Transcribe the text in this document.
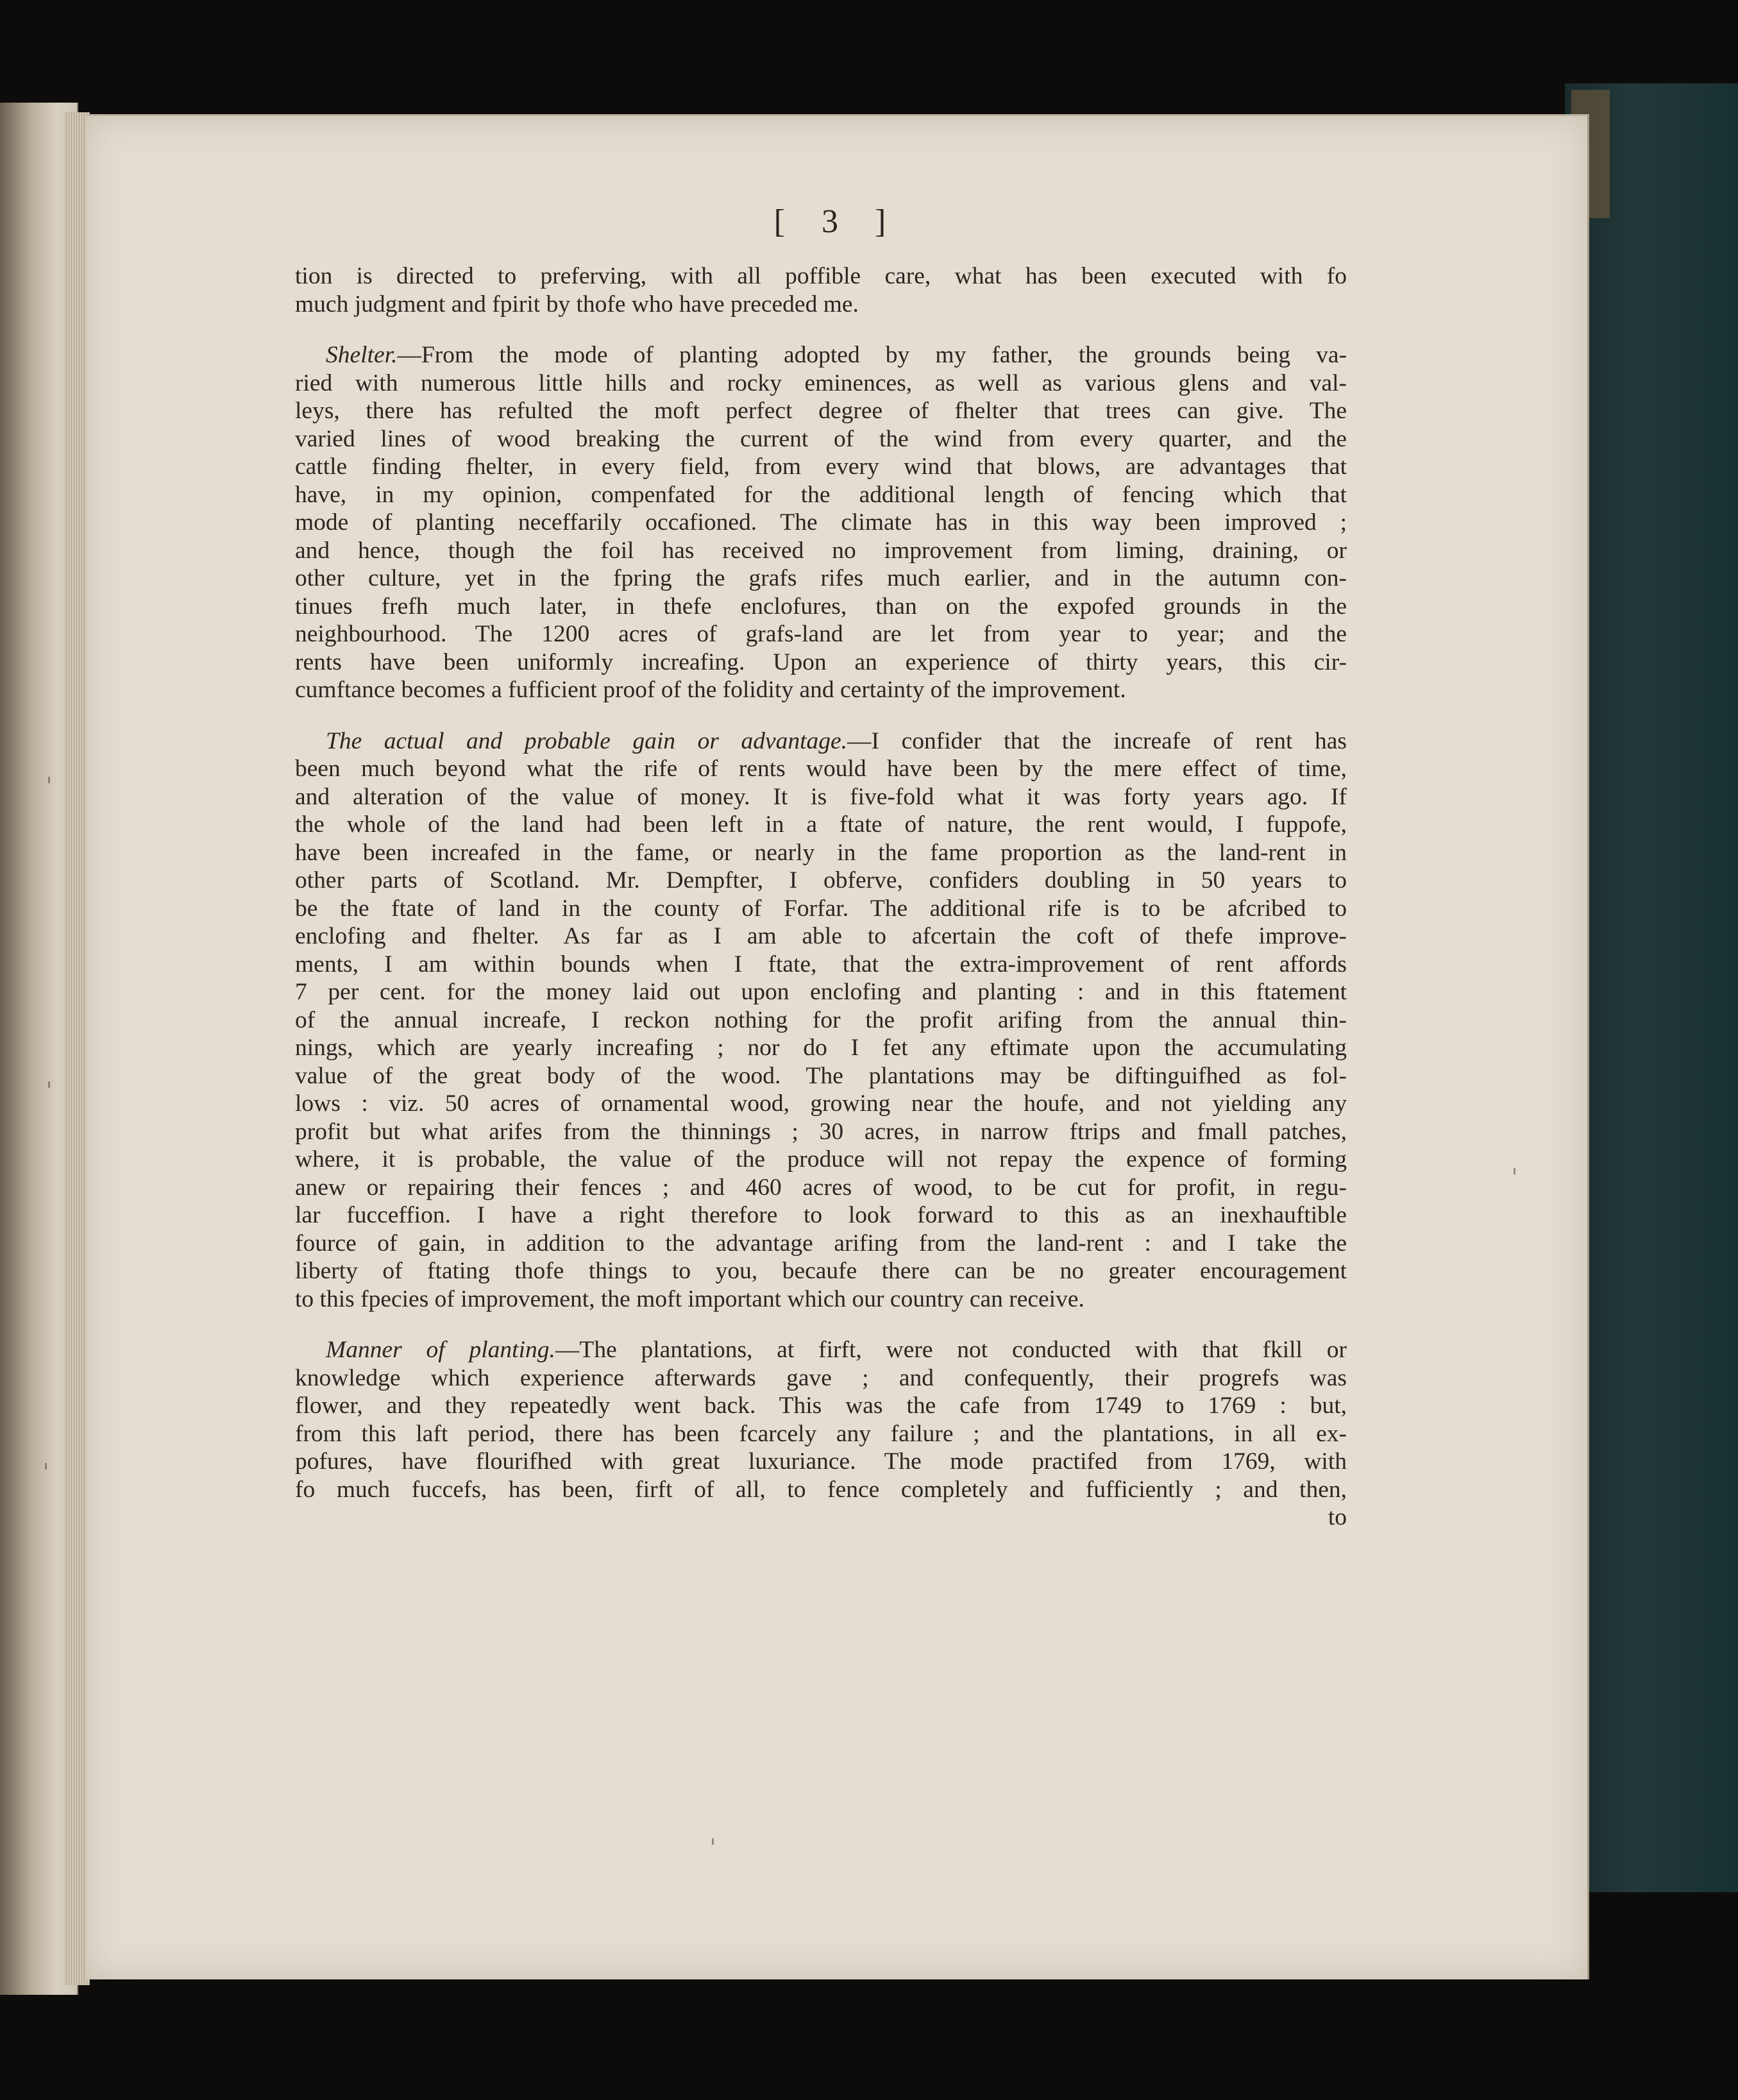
[ 3 ]

tion is directed to preferving, with all poffible care, what has been executed with fo
much judgment and fpirit by thofe who have preceded me.

Shelter.—From the mode of planting adopted by my father, the grounds being va-
ried with numerous little hills and rocky eminences, as well as various glens and val-
leys, there has refulted the moft perfect degree of fhelter that trees can give. The
varied lines of wood breaking the current of the wind from every quarter, and the
cattle finding fhelter, in every field, from every wind that blows, are advantages that
have, in my opinion, compenfated for the additional length of fencing which that
mode of planting neceffarily occafioned. The climate has in this way been improved ;
and hence, though the foil has received no improvement from liming, draining, or
other culture, yet in the fpring the grafs rifes much earlier, and in the autumn con-
tinues frefh much later, in thefe enclofures, than on the expofed grounds in the
neighbourhood. The 1200 acres of grafs-land are let from year to year; and the
rents have been uniformly increafing. Upon an experience of thirty years, this cir-
cumftance becomes a fufficient proof of the folidity and certainty of the improvement.

The actual and probable gain or advantage.—I confider that the increafe of rent has
been much beyond what the rife of rents would have been by the mere effect of time,
and alteration of the value of money. It is five-fold what it was forty years ago. If
the whole of the land had been left in a ftate of nature, the rent would, I fuppofe,
have been increafed in the fame, or nearly in the fame proportion as the land-rent in
other parts of Scotland. Mr. Dempfter, I obferve, confiders doubling in 50 years to
be the ftate of land in the county of Forfar. The additional rife is to be afcribed to
enclofing and fhelter. As far as I am able to afcertain the coft of thefe improve-
ments, I am within bounds when I ftate, that the extra-improvement of rent affords
7 per cent. for the money laid out upon enclofing and planting : and in this ftatement
of the annual increafe, I reckon nothing for the profit arifing from the annual thin-
nings, which are yearly increafing ; nor do I fet any eftimate upon the accumulating
value of the great body of the wood. The plantations may be diftinguifhed as fol-
lows : viz. 50 acres of ornamental wood, growing near the houfe, and not yielding any
profit but what arifes from the thinnings ; 30 acres, in narrow ftrips and fmall patches,
where, it is probable, the value of the produce will not repay the expence of forming
anew or repairing their fences ; and 460 acres of wood, to be cut for profit, in regu-
lar fucceffion. I have a right therefore to look forward to this as an inexhauftible
fource of gain, in addition to the advantage arifing from the land-rent : and I take the
liberty of ftating thofe things to you, becaufe there can be no greater encouragement
to this fpecies of improvement, the moft important which our country can receive.

Manner of planting.—The plantations, at firft, were not conducted with that fkill or
knowledge which experience afterwards gave ; and confequently, their progrefs was
flower, and they repeatedly went back. This was the cafe from 1749 to 1769 : but,
from this laft period, there has been fcarcely any failure ; and the plantations, in all ex-
pofures, have flourifhed with great luxuriance. The mode practifed from 1769, with
fo much fuccefs, has been, firft of all, to fence completely and fufficiently ; and then,
to
